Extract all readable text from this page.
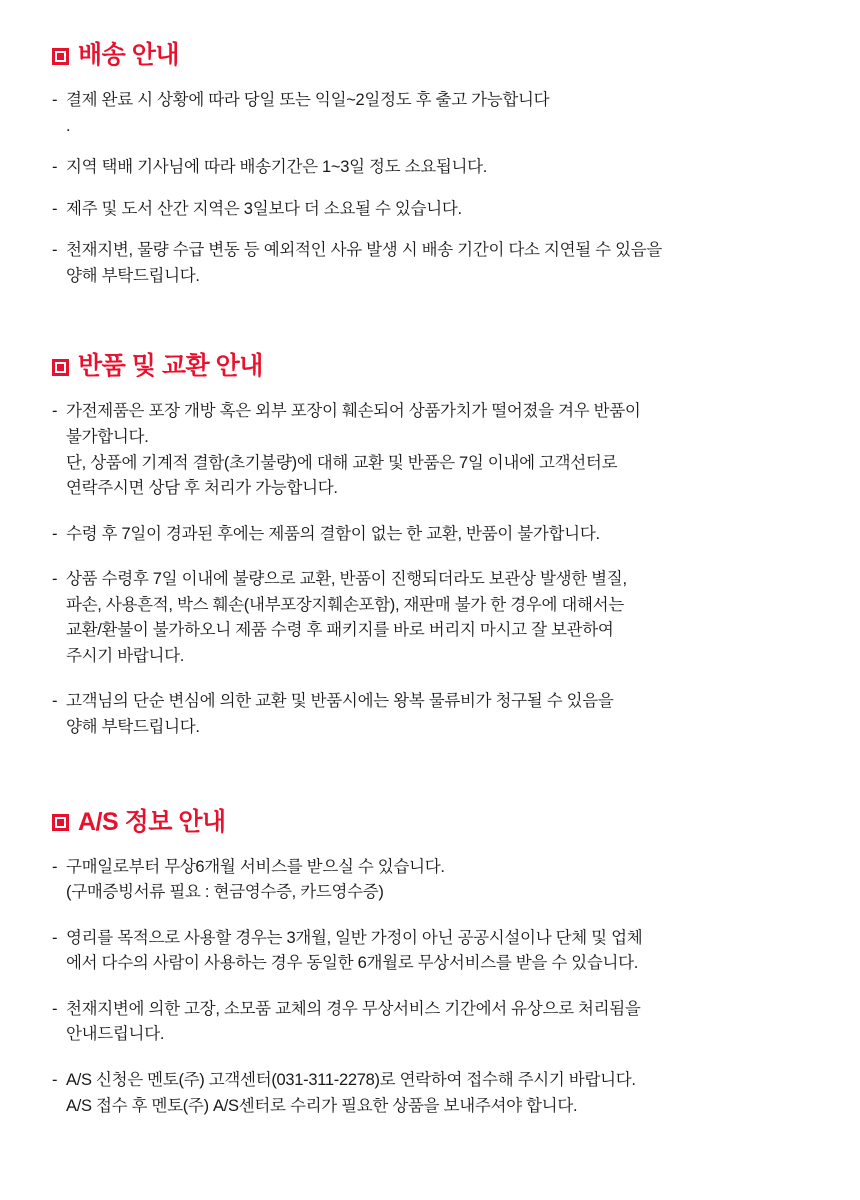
배송 안내
- 결제 완료 시 상황에 따라 당일 또는 익일~2일정도 후 출고 가능합니다
.
- 지역 택배 기사님에 따라 배송기간은 1~3일 정도 소요됩니다.
- 제주 및 도서 산간 지역은 3일보다 더 소요될 수 있습니다.
- 천재지변, 물량 수급 변동 등 예외적인 사유 발생 시 배송 기간이 다소 지연될 수 있음을
양해 부탁드립니다.
반품 및 교환 안내
- 가전제품은 포장 개방 혹은 외부 포장이 훼손되어 상품가치가 떨어졌을 겨우 반품이
불가합니다.
단, 상품에 기계적 결함(초기불량)에 대해 교환 및 반품은 7일 이내에 고객선터로
연락주시면 상담 후 처리가 가능합니다.
- 수령 후 7일이 경과된 후에는 제품의 결함이 없는 한 교환, 반품이 불가합니다.
- 상품 수령후 7일 이내에 불량으로 교환, 반품이 진행되더라도 보관상 발생한 별질,
파손, 사용흔적, 박스 훼손(내부포장지훼손포함), 재판매 불가 한 경우에 대해서는
교환/환불이 불가하오니 제품 수령 후 패키지를 바로 버리지 마시고 잘 보관하여
주시기 바랍니다.
- 고객님의 단순 변심에 의한 교환 및 반품시에는 왕복 물류비가 청구될 수 있음을
양해 부탁드립니다.
A/S 정보 안내
- 구매일로부터 무상6개월 서비스를 받으실 수 있습니다.
(구매증빙서류 필요 : 현금영수증, 카드영수증)
- 영리를 목적으로 사용할 경우는 3개월, 일반 가정이 아닌 공공시설이나 단체 및 업체
에서 다수의 사람이 사용하는 경우 동일한 6개월로 무상서비스를 받을 수 있습니다.
- 천재지변에 의한 고장, 소모품 교체의 경우 무상서비스 기간에서 유상으로 처리됨을
안내드립니다.
- A/S 신청은 멘토(주) 고객센터(031-311-2278)로 연락하여 접수해 주시기 바랍니다.
A/S 접수 후 멘토(주) A/S센터로 수리가 필요한 상품을 보내주셔야 합니다.
